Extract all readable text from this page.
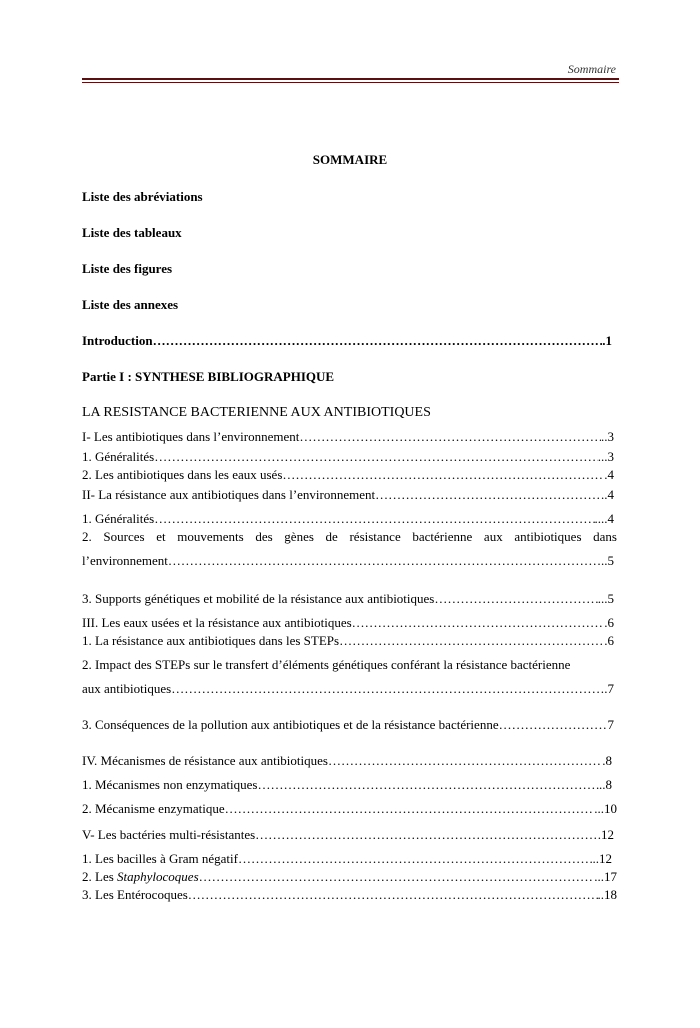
Sommaire
SOMMAIRE
Liste des abréviations
Liste des tableaux
Liste des figures
Liste des annexes
Introduction ……………………………………………………………………………………………………………………………………………………………………………………	.1
Partie I : SYNTHESE BIBLIOGRAPHIQUE
LA RESISTANCE BACTERIENNE AUX ANTIBIOTIQUES
I- Les antibiotiques dans l’environnement ……………………………………………………………………………………………………………………………………………………………………………………	..3
1. Généralités ……………………………………………………………………………………………………………………………………………………………………………………	...3
2. Les antibiotiques dans les eaux usés ……………………………………………………………………………………………………………………………………………………………………………………	.4
II- La résistance aux antibiotiques dans l’environnement ……………………………………………………………………………………………………………………………………………………………………………………	..4
1. Généralités ……………………………………………………………………………………………………………………………………………………………………………………	....4
2. Sources et mouvements des gènes de résistance bactérienne aux antibiotiques dans
l’environnement ……………………………………………………………………………………………………………………………………………………………………………………	..5
3. Supports génétiques et mobilité de la résistance aux antibiotiques ……………………………………………………………………………………………………………………………………………………………………………………	...5
III. Les eaux usées et la résistance aux antibiotiques ……………………………………………………………………………………………………………………………………………………………………………………	.6
1. La résistance aux antibiotiques dans les STEPs ……………………………………………………………………………………………………………………………………………………………………………………	.6
2. Impact des STEPs sur le transfert d’éléments génétiques conférant la résistance bactérienne
aux antibiotiques ……………………………………………………………………………………………………………………………………………………………………………………	.7
3. Conséquences de la pollution aux antibiotiques et de la résistance bactérienne ……………………………………………………………………………………………………………………………………………………………………………………	7
IV. Mécanismes de résistance aux antibiotiques ……………………………………………………………………………………………………………………………………………………………………………………	.8
1. Mécanismes non enzymatiques ……………………………………………………………………………………………………………………………………………………………………………………	..8
2. Mécanisme enzymatique ……………………………………………………………………………………………………………………………………………………………………………………	...10
V- Les bactéries multi-résistantes ……………………………………………………………………………………………………………………………………………………………………………………	.12
1. Les bacilles à Gram négatif ……………………………………………………………………………………………………………………………………………………………………………………	..12
2. Les Staphylocoques ……………………………………………………………………………………………………………………………………………………………………………………	...17
3. Les Entérocoques ……………………………………………………………………………………………………………………………………………………………………………………	..18
